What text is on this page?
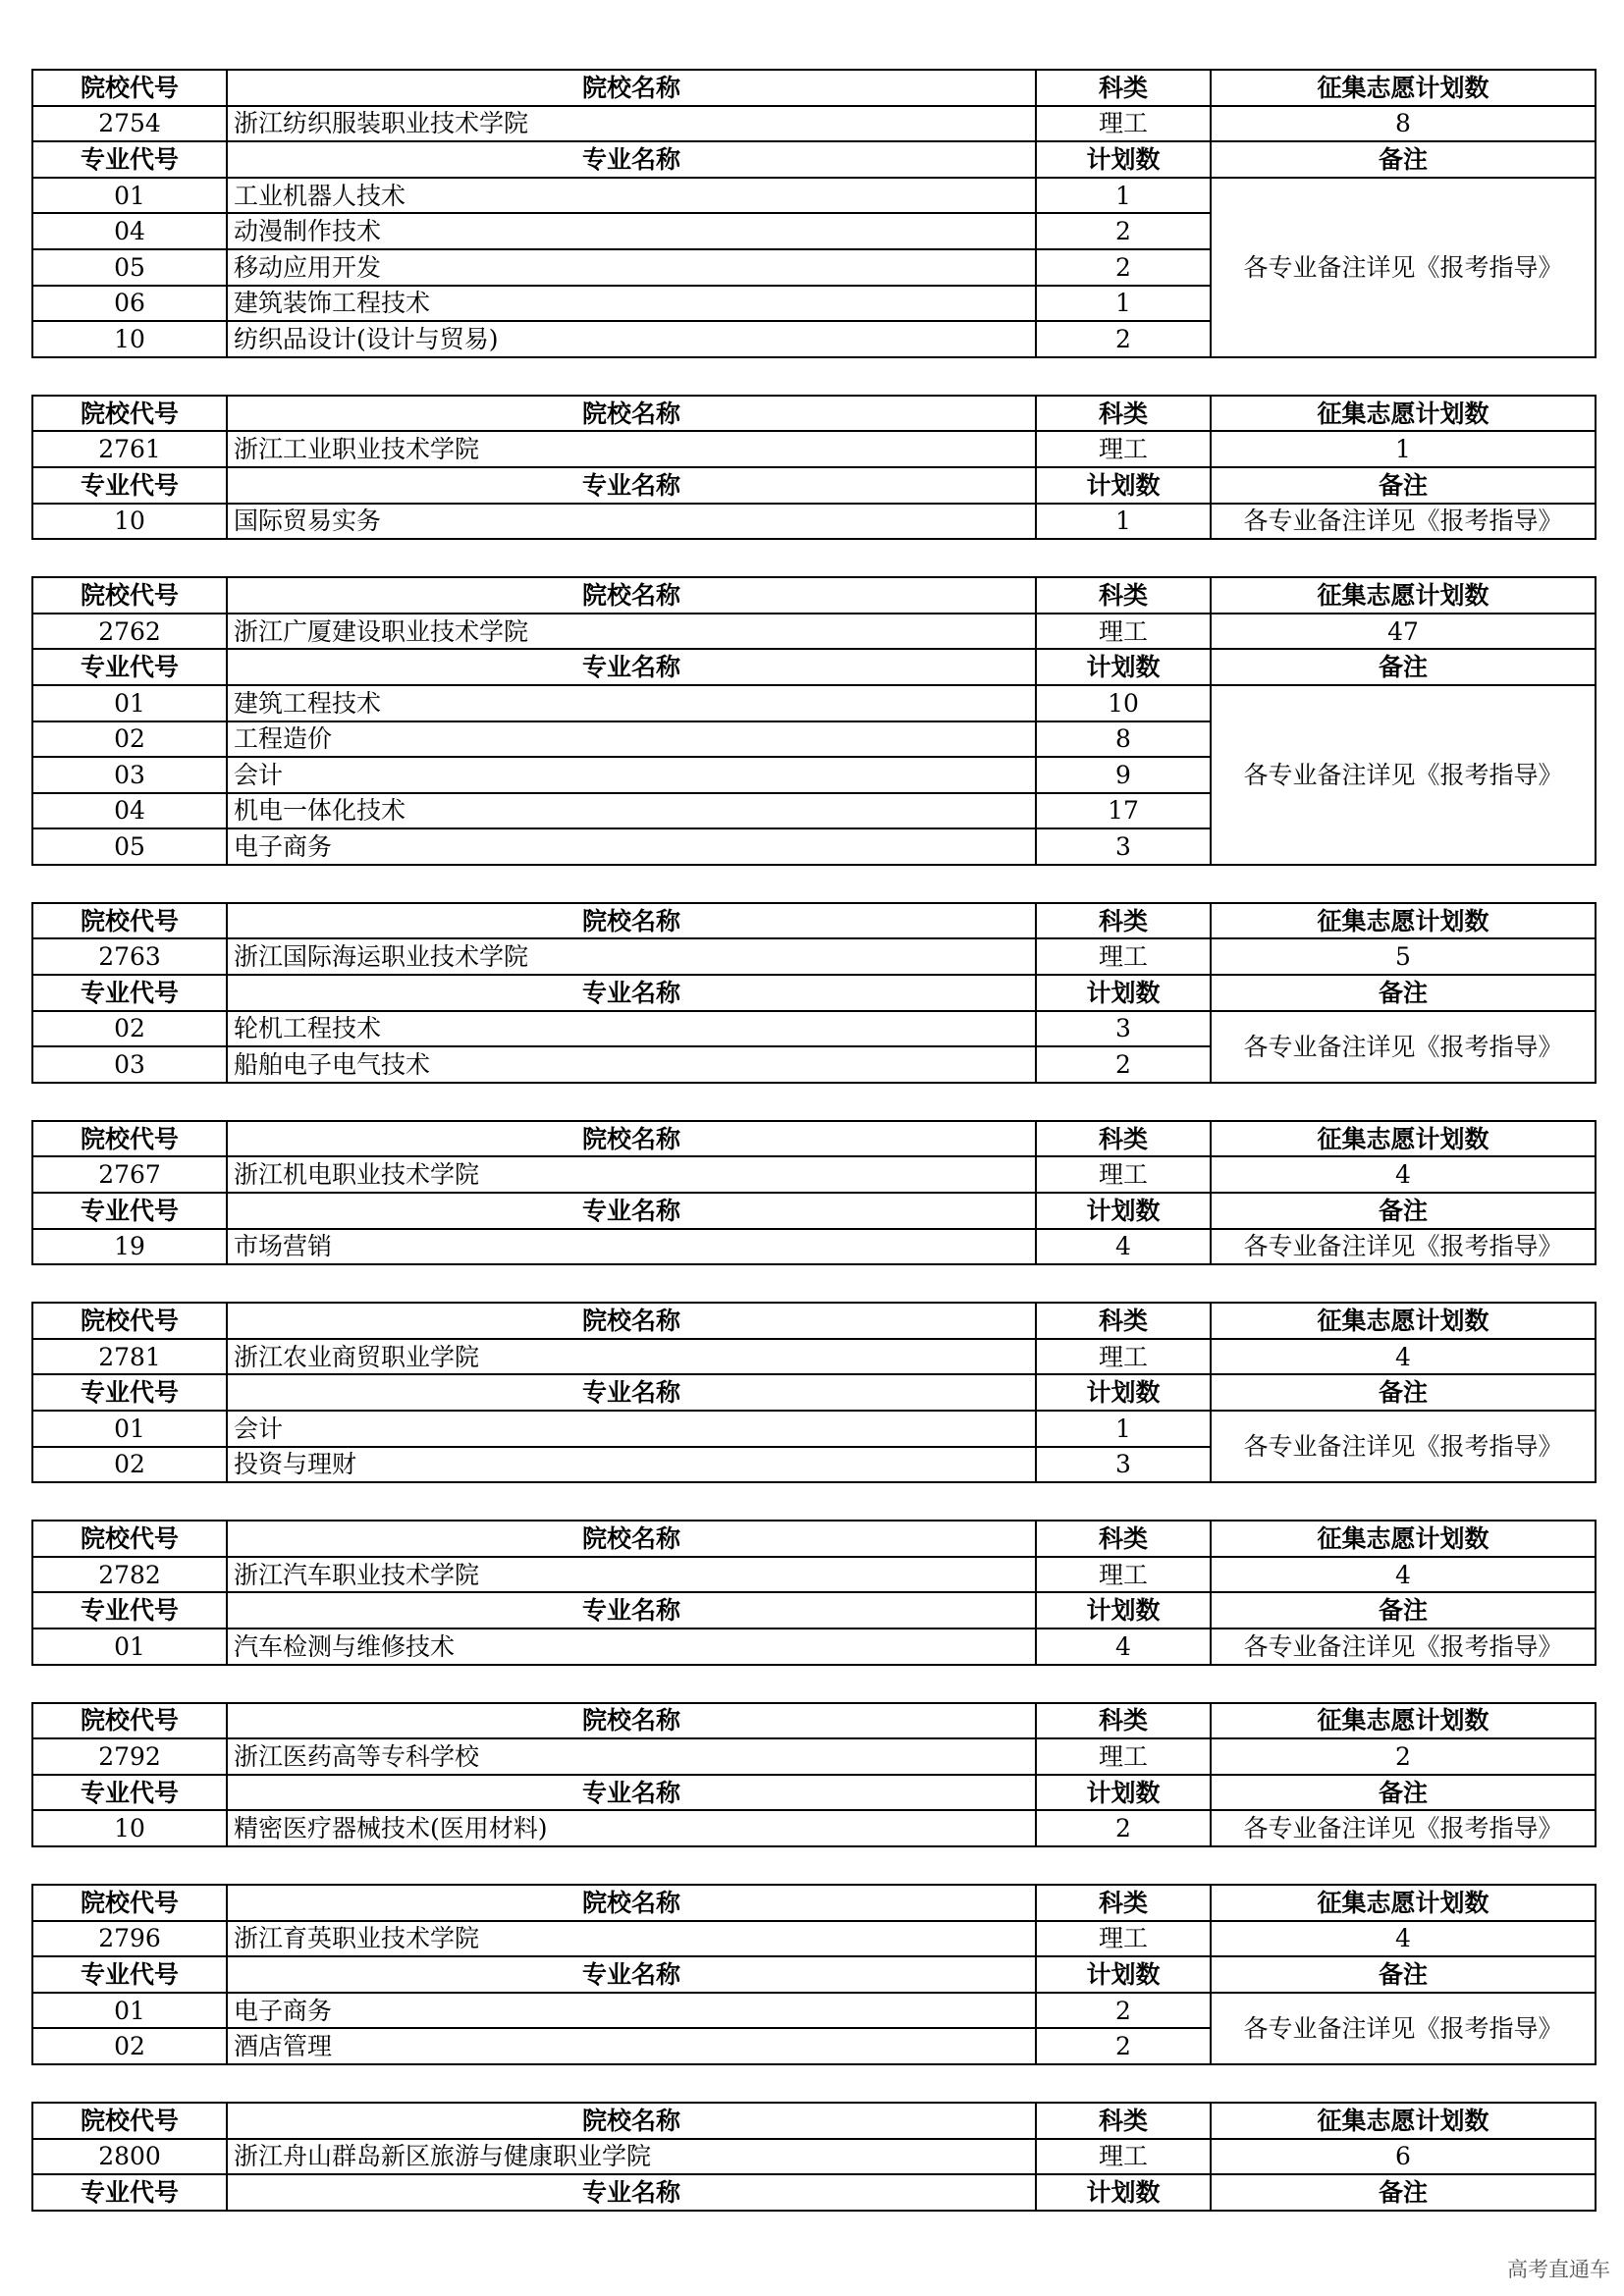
院校代号	院校名称	科类	征集志愿计划数
2754	浙江纺织服装职业技术学院	理工	8
专业代号	专业名称	计划数	备注
01	工业机器人技术	1	各专业备注详见《报考指导》
04	动漫制作技术	2	
05	移动应用开发	2	
06	建筑装饰工程技术	1	
10	纺织品设计(设计与贸易)	2	
院校代号	院校名称	科类	征集志愿计划数
2761	浙江工业职业技术学院	理工	1
专业代号	专业名称	计划数	备注
10	国际贸易实务	1	各专业备注详见《报考指导》
院校代号	院校名称	科类	征集志愿计划数
2762	浙江广厦建设职业技术学院	理工	47
专业代号	专业名称	计划数	备注
01	建筑工程技术	10	各专业备注详见《报考指导》
02	工程造价	8	
03	会计	9	
04	机电一体化技术	17	
05	电子商务	3	
院校代号	院校名称	科类	征集志愿计划数
2763	浙江国际海运职业技术学院	理工	5
专业代号	专业名称	计划数	备注
02	轮机工程技术	3	各专业备注详见《报考指导》
03	船舶电子电气技术	2	
院校代号	院校名称	科类	征集志愿计划数
2767	浙江机电职业技术学院	理工	4
专业代号	专业名称	计划数	备注
19	市场营销	4	各专业备注详见《报考指导》
院校代号	院校名称	科类	征集志愿计划数
2781	浙江农业商贸职业学院	理工	4
专业代号	专业名称	计划数	备注
01	会计	1	各专业备注详见《报考指导》
02	投资与理财	3	
院校代号	院校名称	科类	征集志愿计划数
2782	浙江汽车职业技术学院	理工	4
专业代号	专业名称	计划数	备注
01	汽车检测与维修技术	4	各专业备注详见《报考指导》
院校代号	院校名称	科类	征集志愿计划数
2792	浙江医药高等专科学校	理工	2
专业代号	专业名称	计划数	备注
10	精密医疗器械技术(医用材料)	2	各专业备注详见《报考指导》
院校代号	院校名称	科类	征集志愿计划数
2796	浙江育英职业技术学院	理工	4
专业代号	专业名称	计划数	备注
01	电子商务	2	各专业备注详见《报考指导》
02	酒店管理	2	
院校代号	院校名称	科类	征集志愿计划数
2800	浙江舟山群岛新区旅游与健康职业学院	理工	6
专业代号	专业名称	计划数	备注
高考直通车
